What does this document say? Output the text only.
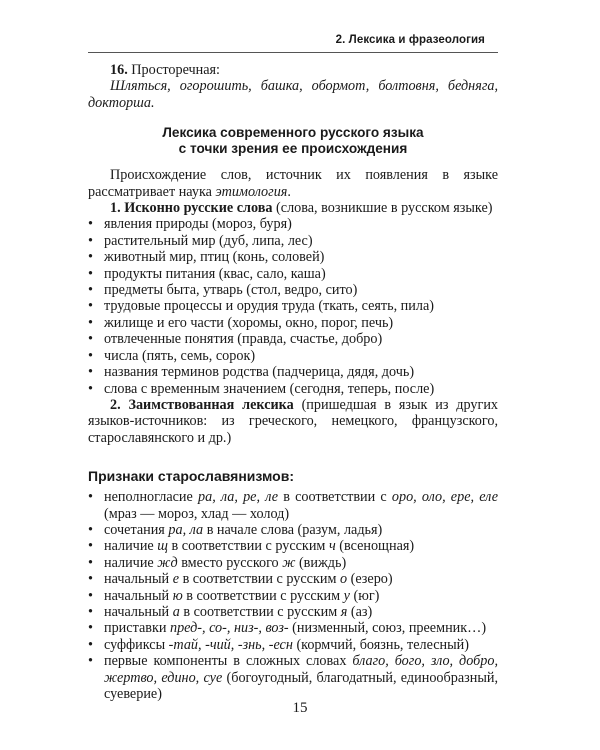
2. Лексика и фразеология

16. Просторечная:

Шляться, огорошить, башка, обормот, болтовня, бедняга, докторша.

Лексика современного русского языка
с точки зрения ее происхождения

Происхождение слов, источник их появления в языке рассматривает наука этимология.

1. Исконно русские слова (слова, возникшие в русском языке)

• явления природы (мороз, буря)
• растительный мир (дуб, липа, лес)
• животный мир, птиц (конь, соловей)
• продукты питания (квас, сало, каша)
• предметы быта, утварь (стол, ведро, сито)
• трудовые процессы и орудия труда (ткать, сеять, пила)
• жилище и его части (хоромы, окно, порог, печь)
• отвлеченные понятия (правда, счастье, добро)
• числа (пять, семь, сорок)
• названия терминов родства (падчерица, дядя, дочь)
• слова с временным значением (сегодня, теперь, после)

2. Заимствованная лексика (пришедшая в язык из других языков-источников: из греческого, немецкого, французского, старославянского и др.)

Признаки старославянизмов:
• неполногласие ра, ла, ре, ле в соответствии с оро, оло, ере, еле (мраз — мороз, хлад — холод)
• сочетания ра, ла в начале слова (разум, ладья)
• наличие щ в соответствии с русским ч (всенощная)
• наличие жд вместо русского ж (виждь)
• начальный е в соответствии с русским о (езеро)
• начальный ю в соответствии с русским у (юг)
• начальный а в соответствии с русским я (аз)
• приставки пред-, со-, низ-, воз- (низменный, союз, преемник…)
• суффиксы -тай, -чий, -знь, -есн (кормчий, боязнь, телесный)
• первые компоненты в сложных словах благо, бого, зло, добро, жертво, едино, суе (богоугодный, благодатный, единообразный, суеверие)
15
